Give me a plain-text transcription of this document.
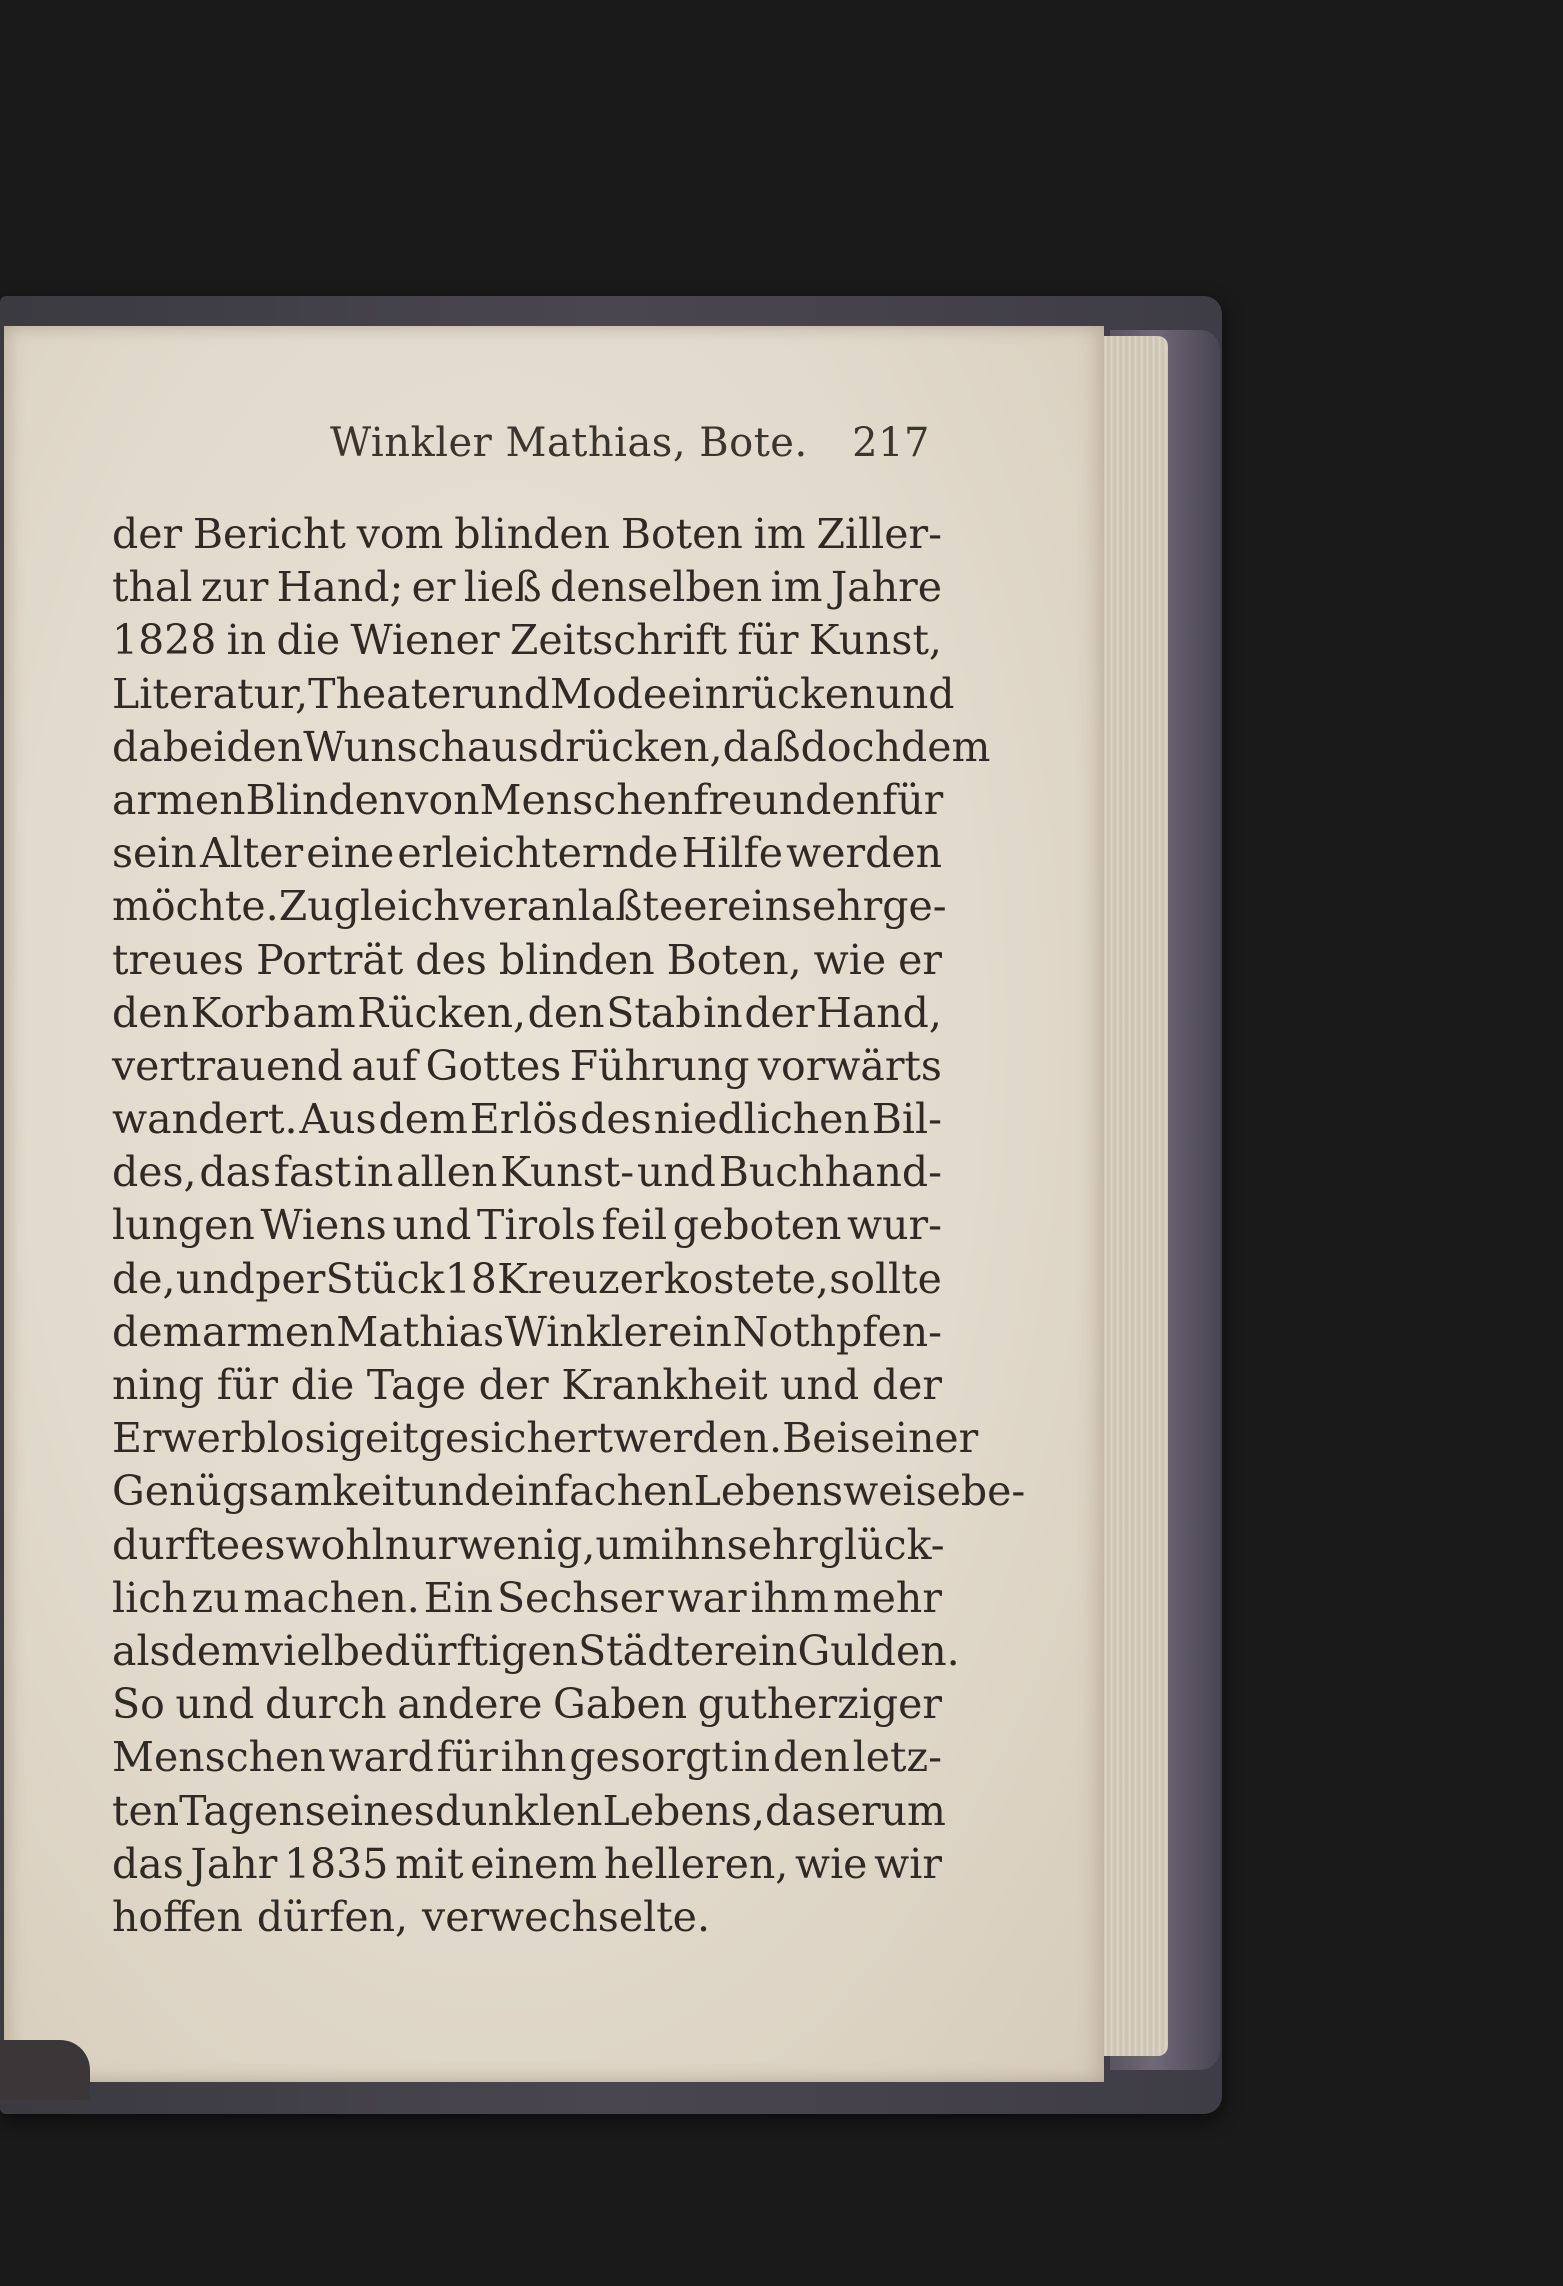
Winkler Mathias, Bote. 217
der Bericht vom blinden Boten im Ziller-
thal zur Hand; er ließ denselben im Jahre
1828 in die Wiener Zeitschrift für Kunst,
Literatur, Theater und Mode einrücken und
dabei den Wunsch ausdrücken, daß doch dem
armen Blinden von Menschenfreunden für
sein Alter eine erleichternde Hilfe werden
möchte. Zugleich veranlaßte er ein sehr ge-
treues Porträt des blinden Boten, wie er
den Korb am Rücken, den Stab in der Hand,
vertrauend auf Gottes Führung vorwärts
wandert. Aus dem Erlös des niedlichen Bil-
des, das fast in allen Kunst- und Buchhand-
lungen Wiens und Tirols feil geboten wur-
de, und per Stück 18 Kreuzer kostete, sollte
dem armen Mathias Winkler ein Nothpfen-
ning für die Tage der Krankheit und der
Erwerblosigeit gesichert werden. Bei seiner
Genügsamkeit und einfachen Lebensweise be-
durfte es wohl nur wenig, um ihn sehr glück-
lich zu machen. Ein Sechser war ihm mehr
als dem vielbedürftigen Städter ein Gulden.
So und durch andere Gaben gutherziger
Menschen ward für ihn gesorgt in den letz-
ten Tagen seines dunklen Lebens, das er um
das Jahr 1835 mit einem helleren, wie wir
hoffen dürfen, verwechselte.
